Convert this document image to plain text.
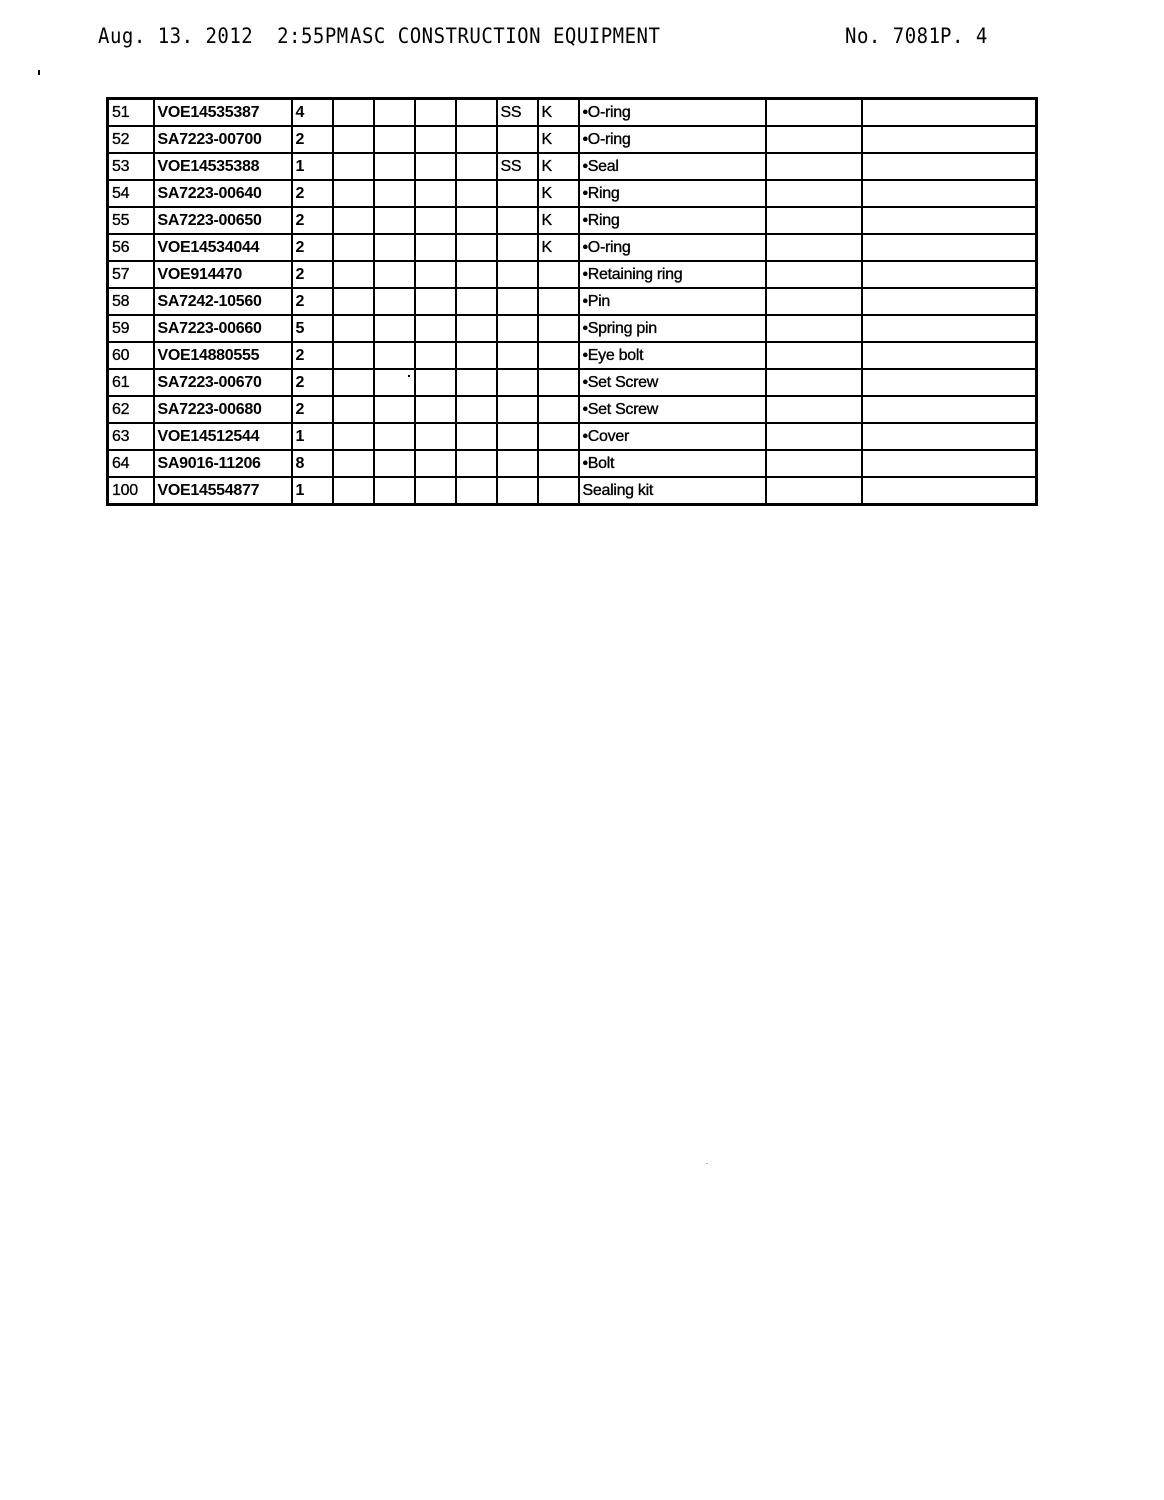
Aug. 13. 2012  2:55PM ASC CONSTRUCTION EQUIPMENT	No. 7081 P. 4
51	VOE14535387	4					SS	K	•O-ring		
52	SA7223-00700	2						K	•O-ring		
53	VOE14535388	1					SS	K	•Seal		
54	SA7223-00640	2						K	•Ring		
55	SA7223-00650	2						K	•Ring		
56	VOE14534044	2						K	•O-ring		
57	VOE914470	2							•Retaining ring		
58	SA7242-10560	2							•Pin		
59	SA7223-00660	5							•Spring pin		
60	VOE14880555	2							•Eye bolt		
61	SA7223-00670	2							•Set Screw		
62	SA7223-00680	2							•Set Screw		
63	VOE14512544	1							•Cover		
64	SA9016-11206	8							•Bolt		
100	VOE14554877	1							Sealing kit		
